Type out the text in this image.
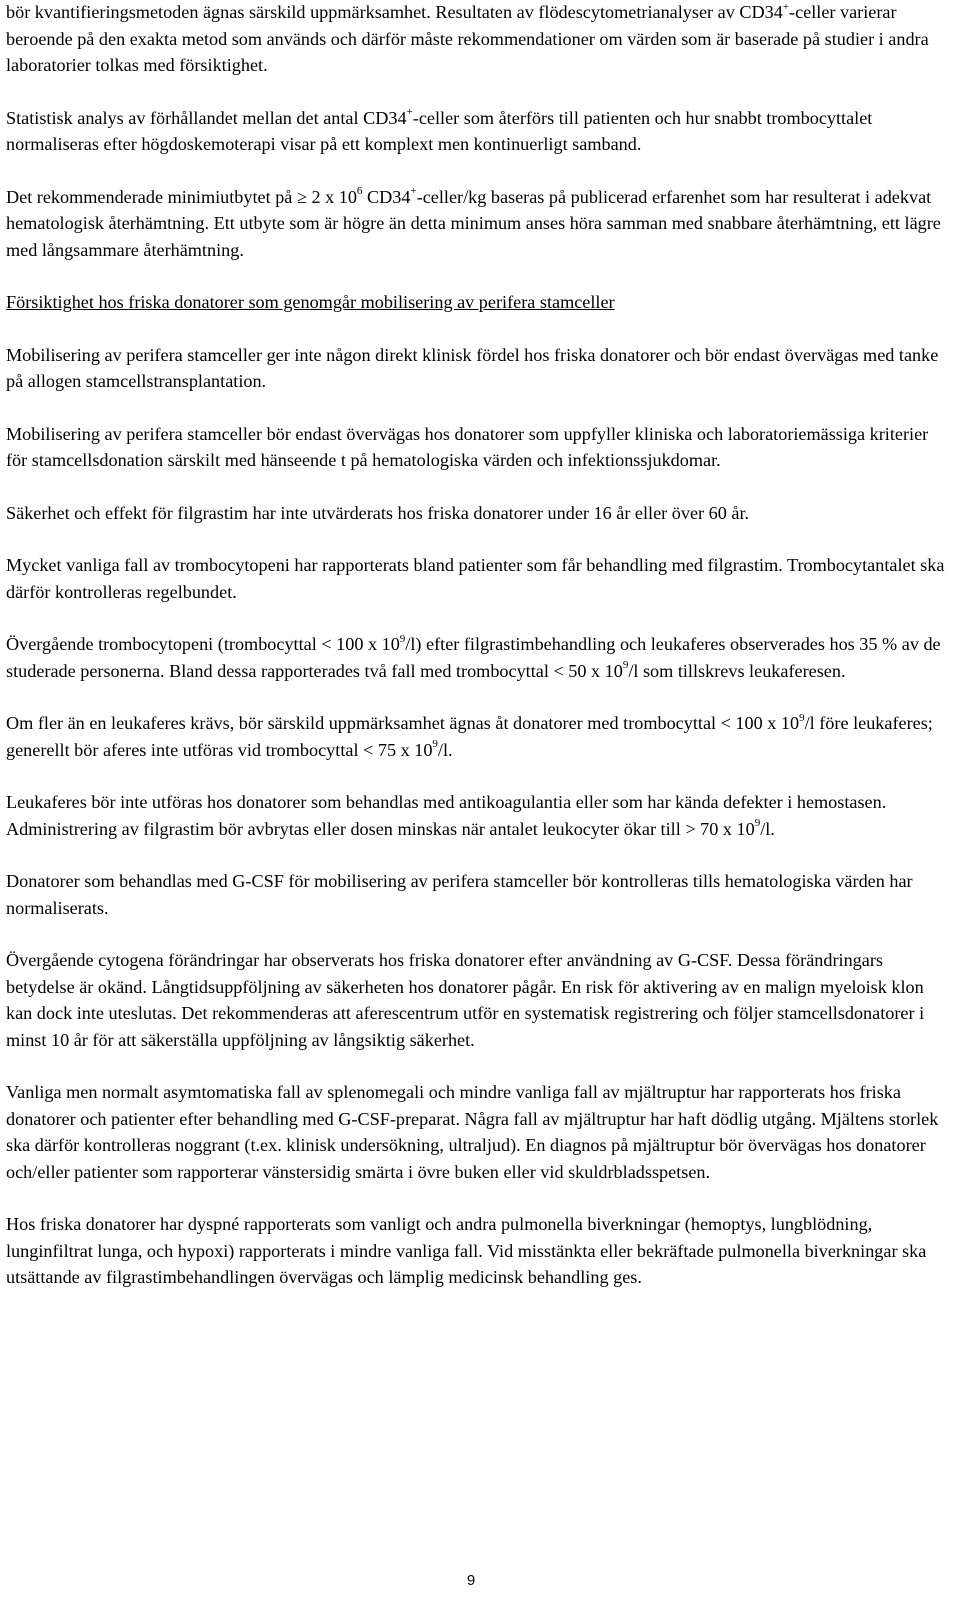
bör kvantifieringsmetoden ägnas särskild uppmärksamhet. Resultaten av flödescytometrianalyser av CD34+-celler varierar beroende på den exakta metod som används och därför måste rekommendationer om värden som är baserade på studier i andra laboratorier tolkas med försiktighet.

Statistisk analys av förhållandet mellan det antal CD34+-celler som återförs till patienten och hur snabbt trombocyttalet normaliseras efter högdoskemoterapi visar på ett komplext men kontinuerligt samband.

Det rekommenderade minimiutbytet på ≥ 2 x $10^6$ CD34+-celler/kg baseras på publicerad erfarenhet som har resulterat i adekvat hematologisk återhämtning. Ett utbyte som är högre än detta minimum anses höra samman med snabbare återhämtning, ett lägre med långsammare återhämtning.

Försiktighet hos friska donatorer som genomgår mobilisering av perifera stamceller

Mobilisering av perifera stamceller ger inte någon direkt klinisk fördel hos friska donatorer och bör endast övervägas med tanke på allogen stamcellstransplantation.

Mobilisering av perifera stamceller bör endast övervägas hos donatorer som uppfyller kliniska och laboratoriemässiga kriterier för stamcellsdonation särskilt med hänseende t på hematologiska värden och infektionssjukdomar.

Säkerhet och effekt för filgrastim har inte utvärderats hos friska donatorer under 16 år eller över 60 år.

Mycket vanliga fall av trombocytopeni har rapporterats bland patienter som får behandling med filgrastim. Trombocytantalet ska därför kontrolleras regelbundet.

Övergående trombocytopeni (trombocyttal < 100 x $10^9/l$) efter filgrastimbehandling och leukaferes observerades hos 35 % av de studerade personerna. Bland dessa rapporterades två fall med trombocyttal < 50 x $10^9/l$ som tillskrevs leukaferesen.

Om fler än en leukaferes krävs, bör särskild uppmärksamhet ägnas åt donatorer med trombocyttal < 100 x $10^9/l$ före leukaferes; generellt bör aferes inte utföras vid trombocyttal < 75 x $10^9/l$.

Leukaferes bör inte utföras hos donatorer som behandlas med antikoagulantia eller som har kända defekter i hemostasen. Administrering av filgrastim bör avbrytas eller dosen minskas när antalet leukocyter ökar till > 70 x $10^9/l$.

Donatorer som behandlas med G-CSF för mobilisering av perifera stamceller bör kontrolleras tills hematologiska värden har normaliserats.

Övergående cytogena förändringar har observerats hos friska donatorer efter användning av G-CSF. Dessa förändringars betydelse är okänd. Långtidsuppföljning av säkerheten hos donatorer pågår. En risk för aktivering av en malign myeloisk klon kan dock inte uteslutas. Det rekommenderas att aferescentrum utför en systematisk registrering och följer stamcellsdonatorer i minst 10 år för att säkerställa uppföljning av långsiktig säkerhet.

Vanliga men normalt asymtomatiska fall av splenomegali och mindre vanliga fall av mjältruptur har rapporterats hos friska donatorer och patienter efter behandling med G-CSF-preparat. Några fall av mjältruptur har haft dödlig utgång. Mjältens storlek ska därför kontrolleras noggrant (t.ex. klinisk undersökning, ultraljud). En diagnos på mjältruptur bör övervägas hos donatorer och/eller patienter som rapporterar vänstersidig smärta i övre buken eller vid skuldrbladsspetsen.

Hos friska donatorer har dyspné rapporterats som vanligt och andra pulmonella biverkningar (hemoptys, lungblödning, lunginfiltrat lunga, och hypoxi) rapporterats i mindre vanliga fall. Vid misstänkta eller bekräftade pulmonella biverkningar ska utsättande av filgrastimbehandlingen övervägas och lämplig medicinsk behandling ges.

9
